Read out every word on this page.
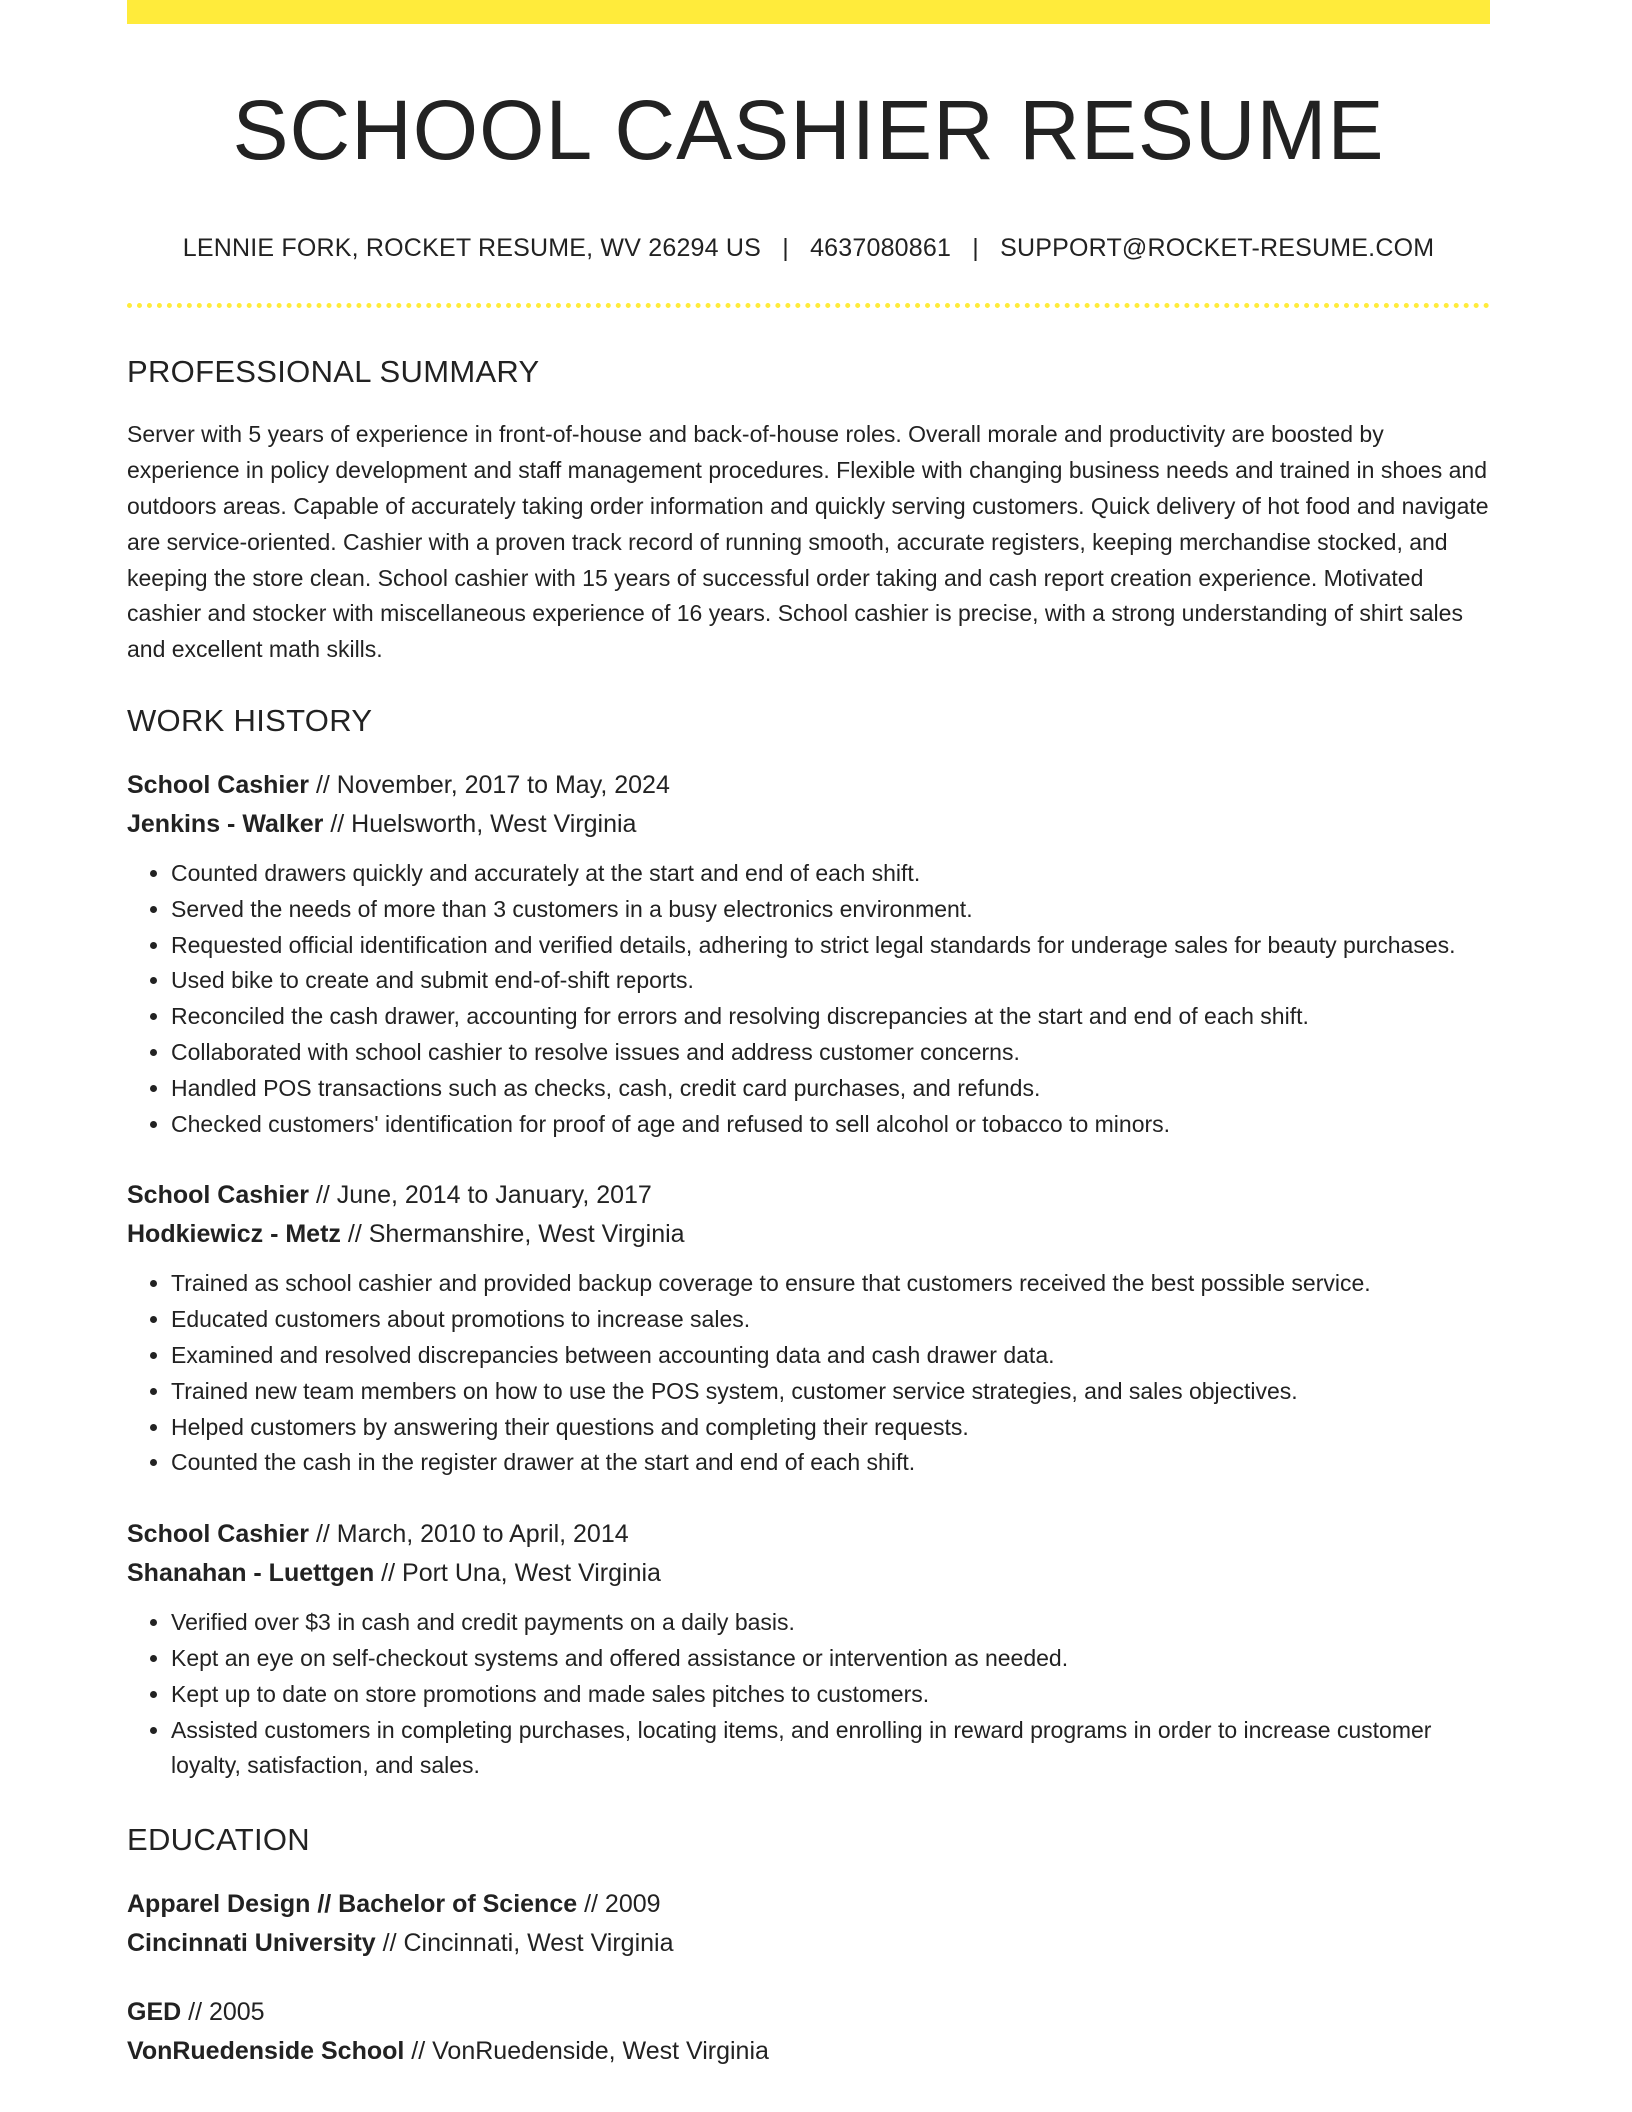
SCHOOL CASHIER RESUME
LENNIE FORK, ROCKET RESUME, WV 26294 US | 4637080861 | SUPPORT@ROCKET-RESUME.COM
PROFESSIONAL SUMMARY

Server with 5 years of experience in front-of-house and back-of-house roles. Overall morale and productivity are boosted by experience in policy development and staff management procedures. Flexible with changing business needs and trained in shoes and outdoors areas. Capable of accurately taking order information and quickly serving customers. Quick delivery of hot food and navigate are service-oriented. Cashier with a proven track record of running smooth, accurate registers, keeping merchandise stocked, and keeping the store clean. School cashier with 15 years of successful order taking and cash report creation experience. Motivated cashier and stocker with miscellaneous experience of 16 years. School cashier is precise, with a strong understanding of shirt sales and excellent math skills.

WORK HISTORY
School Cashier // November, 2017 to May, 2024
Jenkins - Walker // Huelsworth, West Virginia
• Counted drawers quickly and accurately at the start and end of each shift.
• Served the needs of more than 3 customers in a busy electronics environment.
• Requested official identification and verified details, adhering to strict legal standards for underage sales for beauty purchases.
• Used bike to create and submit end-of-shift reports.
• Reconciled the cash drawer, accounting for errors and resolving discrepancies at the start and end of each shift.
• Collaborated with school cashier to resolve issues and address customer concerns.
• Handled POS transactions such as checks, cash, credit card purchases, and refunds.
• Checked customers' identification for proof of age and refused to sell alcohol or tobacco to minors.
School Cashier // June, 2014 to January, 2017
Hodkiewicz - Metz // Shermanshire, West Virginia
• Trained as school cashier and provided backup coverage to ensure that customers received the best possible service.
• Educated customers about promotions to increase sales.
• Examined and resolved discrepancies between accounting data and cash drawer data.
• Trained new team members on how to use the POS system, customer service strategies, and sales objectives.
• Helped customers by answering their questions and completing their requests.
• Counted the cash in the register drawer at the start and end of each shift.
School Cashier // March, 2010 to April, 2014
Shanahan - Luettgen // Port Una, West Virginia
• Verified over $3 in cash and credit payments on a daily basis.
• Kept an eye on self-checkout systems and offered assistance or intervention as needed.
• Kept up to date on store promotions and made sales pitches to customers.
• Assisted customers in completing purchases, locating items, and enrolling in reward programs in order to increase customer loyalty, satisfaction, and sales.
EDUCATION
Apparel Design // Bachelor of Science // 2009
Cincinnati University // Cincinnati, West Virginia
GED // 2005
VonRuedenside School // VonRuedenside, West Virginia
